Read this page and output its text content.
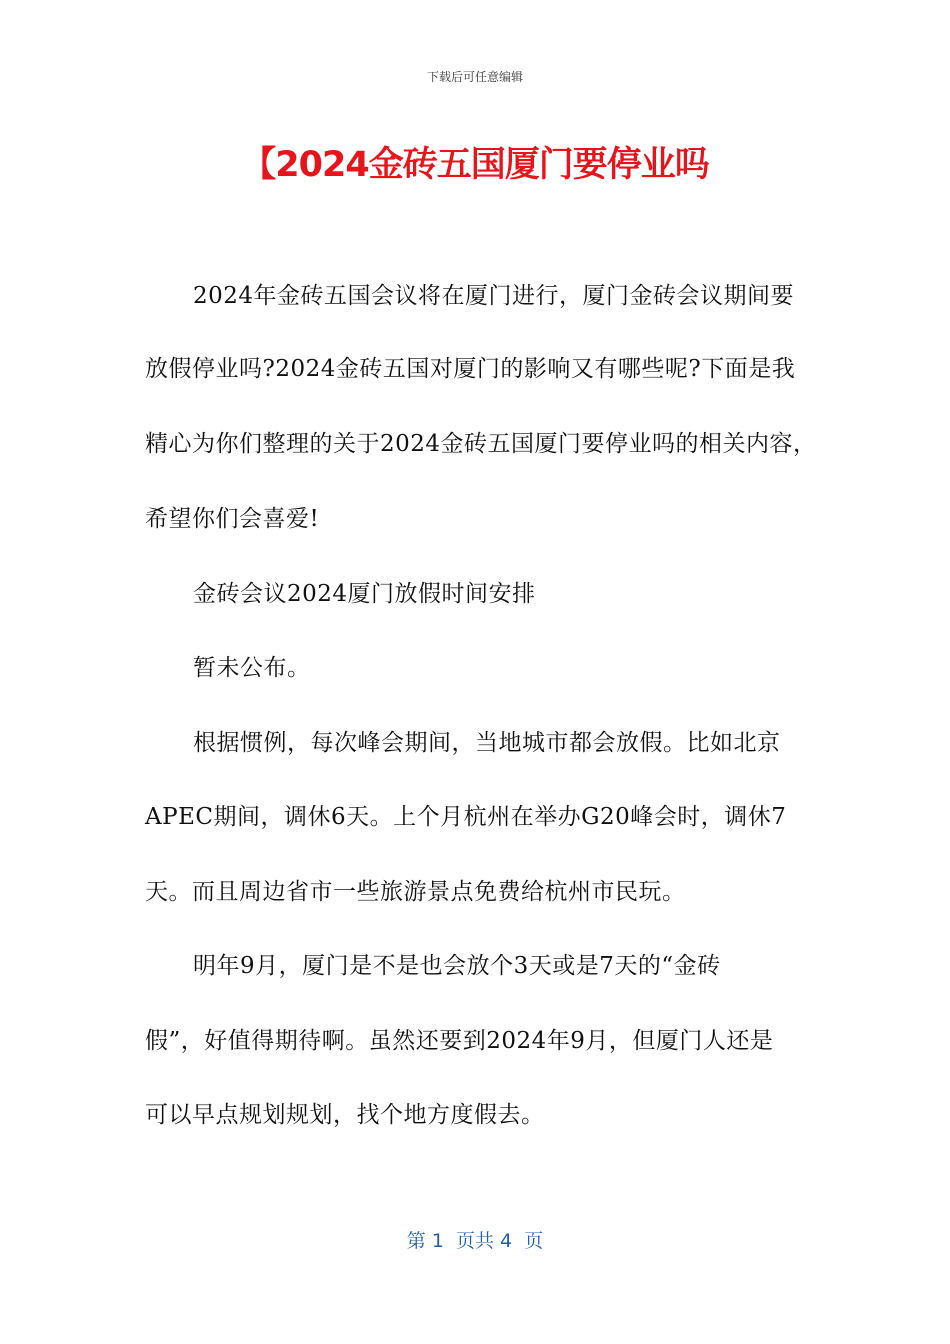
下载后可任意编辑
【2024金砖五国厦门要停业吗
2024年金砖五国会议将在厦门进行，厦门金砖会议期间要
放假停业吗?2024金砖五国对厦门的影响又有哪些呢?下面是我
精心为你们整理的关于2024金砖五国厦门要停业吗的相关内容，
希望你们会喜爱!
金砖会议2024厦门放假时间安排
暂未公布。
根据惯例，每次峰会期间，当地城市都会放假。比如北京
APEC期间，调休6天。上个月杭州在举办G20峰会时，调休7
天。而且周边省市一些旅游景点免费给杭州市民玩。
明年9月，厦门是不是也会放个3天或是7天的“金砖
假”，好值得期待啊。虽然还要到2024年9月，但厦门人还是
可以早点规划规划，找个地方度假去。
第 1  页共 4  页
